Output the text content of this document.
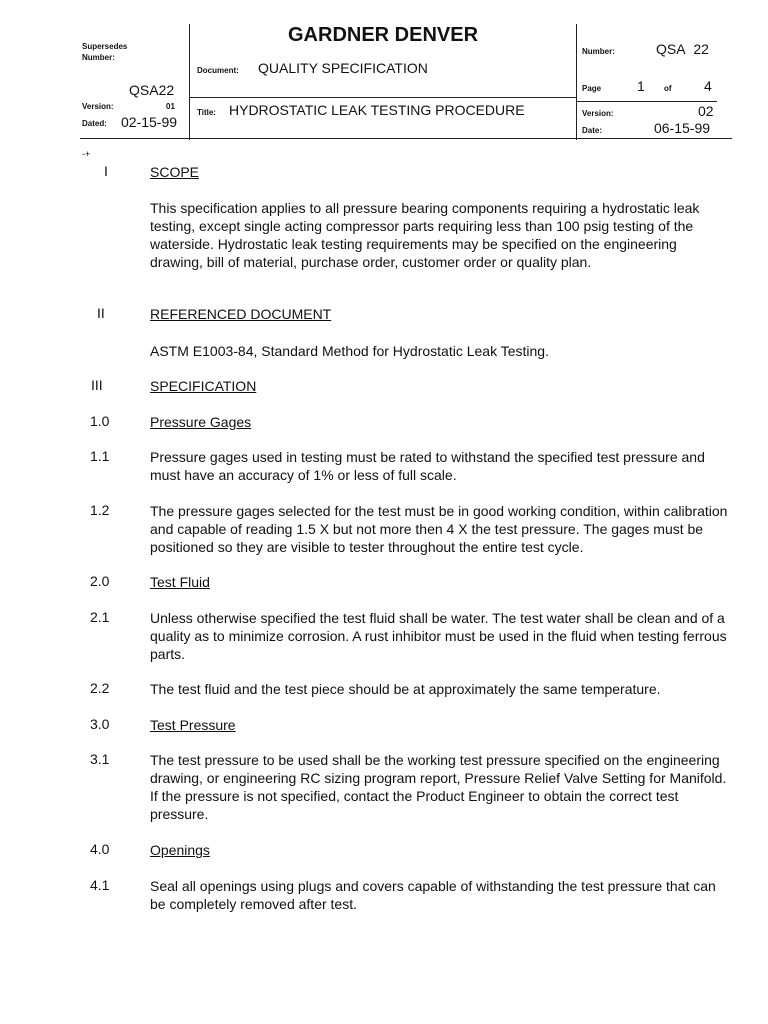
Supersedes
Number:
QSA22
Version:	01
Dated: 02-15-99
GARDNER DENVER
Document: QUALITY SPECIFICATION
Title: HYDROSTATIC LEAK TESTING PROCEDURE
Number:	QSA 22
Page	1 of 4
Version:	02
Date:	06-15-99
-+
I	SCOPE
This specification applies to all pressure bearing components requiring a hydrostatic leak testing, except single acting compressor parts requiring less than 100 psig testing of the waterside. Hydrostatic leak testing requirements may be specified on the engineering drawing, bill of material, purchase order, customer order or quality plan.
II	REFERENCED DOCUMENT
ASTM E1003-84, Standard Method for Hydrostatic Leak Testing.
III	SPECIFICATION
1.0	Pressure Gages
1.1	Pressure gages used in testing must be rated to withstand the specified test pressure and must have an accuracy of 1% or less of full scale.
1.2	The pressure gages selected for the test must be in good working condition, within calibration and capable of reading 1.5 X but not more then 4 X the test pressure. The gages must be positioned so they are visible to tester throughout the entire test cycle.
2.0	Test Fluid
2.1	Unless otherwise specified the test fluid shall be water. The test water shall be clean and of a quality as to minimize corrosion. A rust inhibitor must be used in the fluid when testing ferrous parts.
2.2	The test fluid and the test piece should be at approximately the same temperature.
3.0	Test Pressure
3.1	The test pressure to be used shall be the working test pressure specified on the engineering drawing, or engineering RC sizing program report, Pressure Relief Valve Setting for Manifold. If the pressure is not specified, contact the Product Engineer to obtain the correct test pressure.
4.0	Openings
4.1	Seal all openings using plugs and covers capable of withstanding the test pressure that can be completely removed after test.
